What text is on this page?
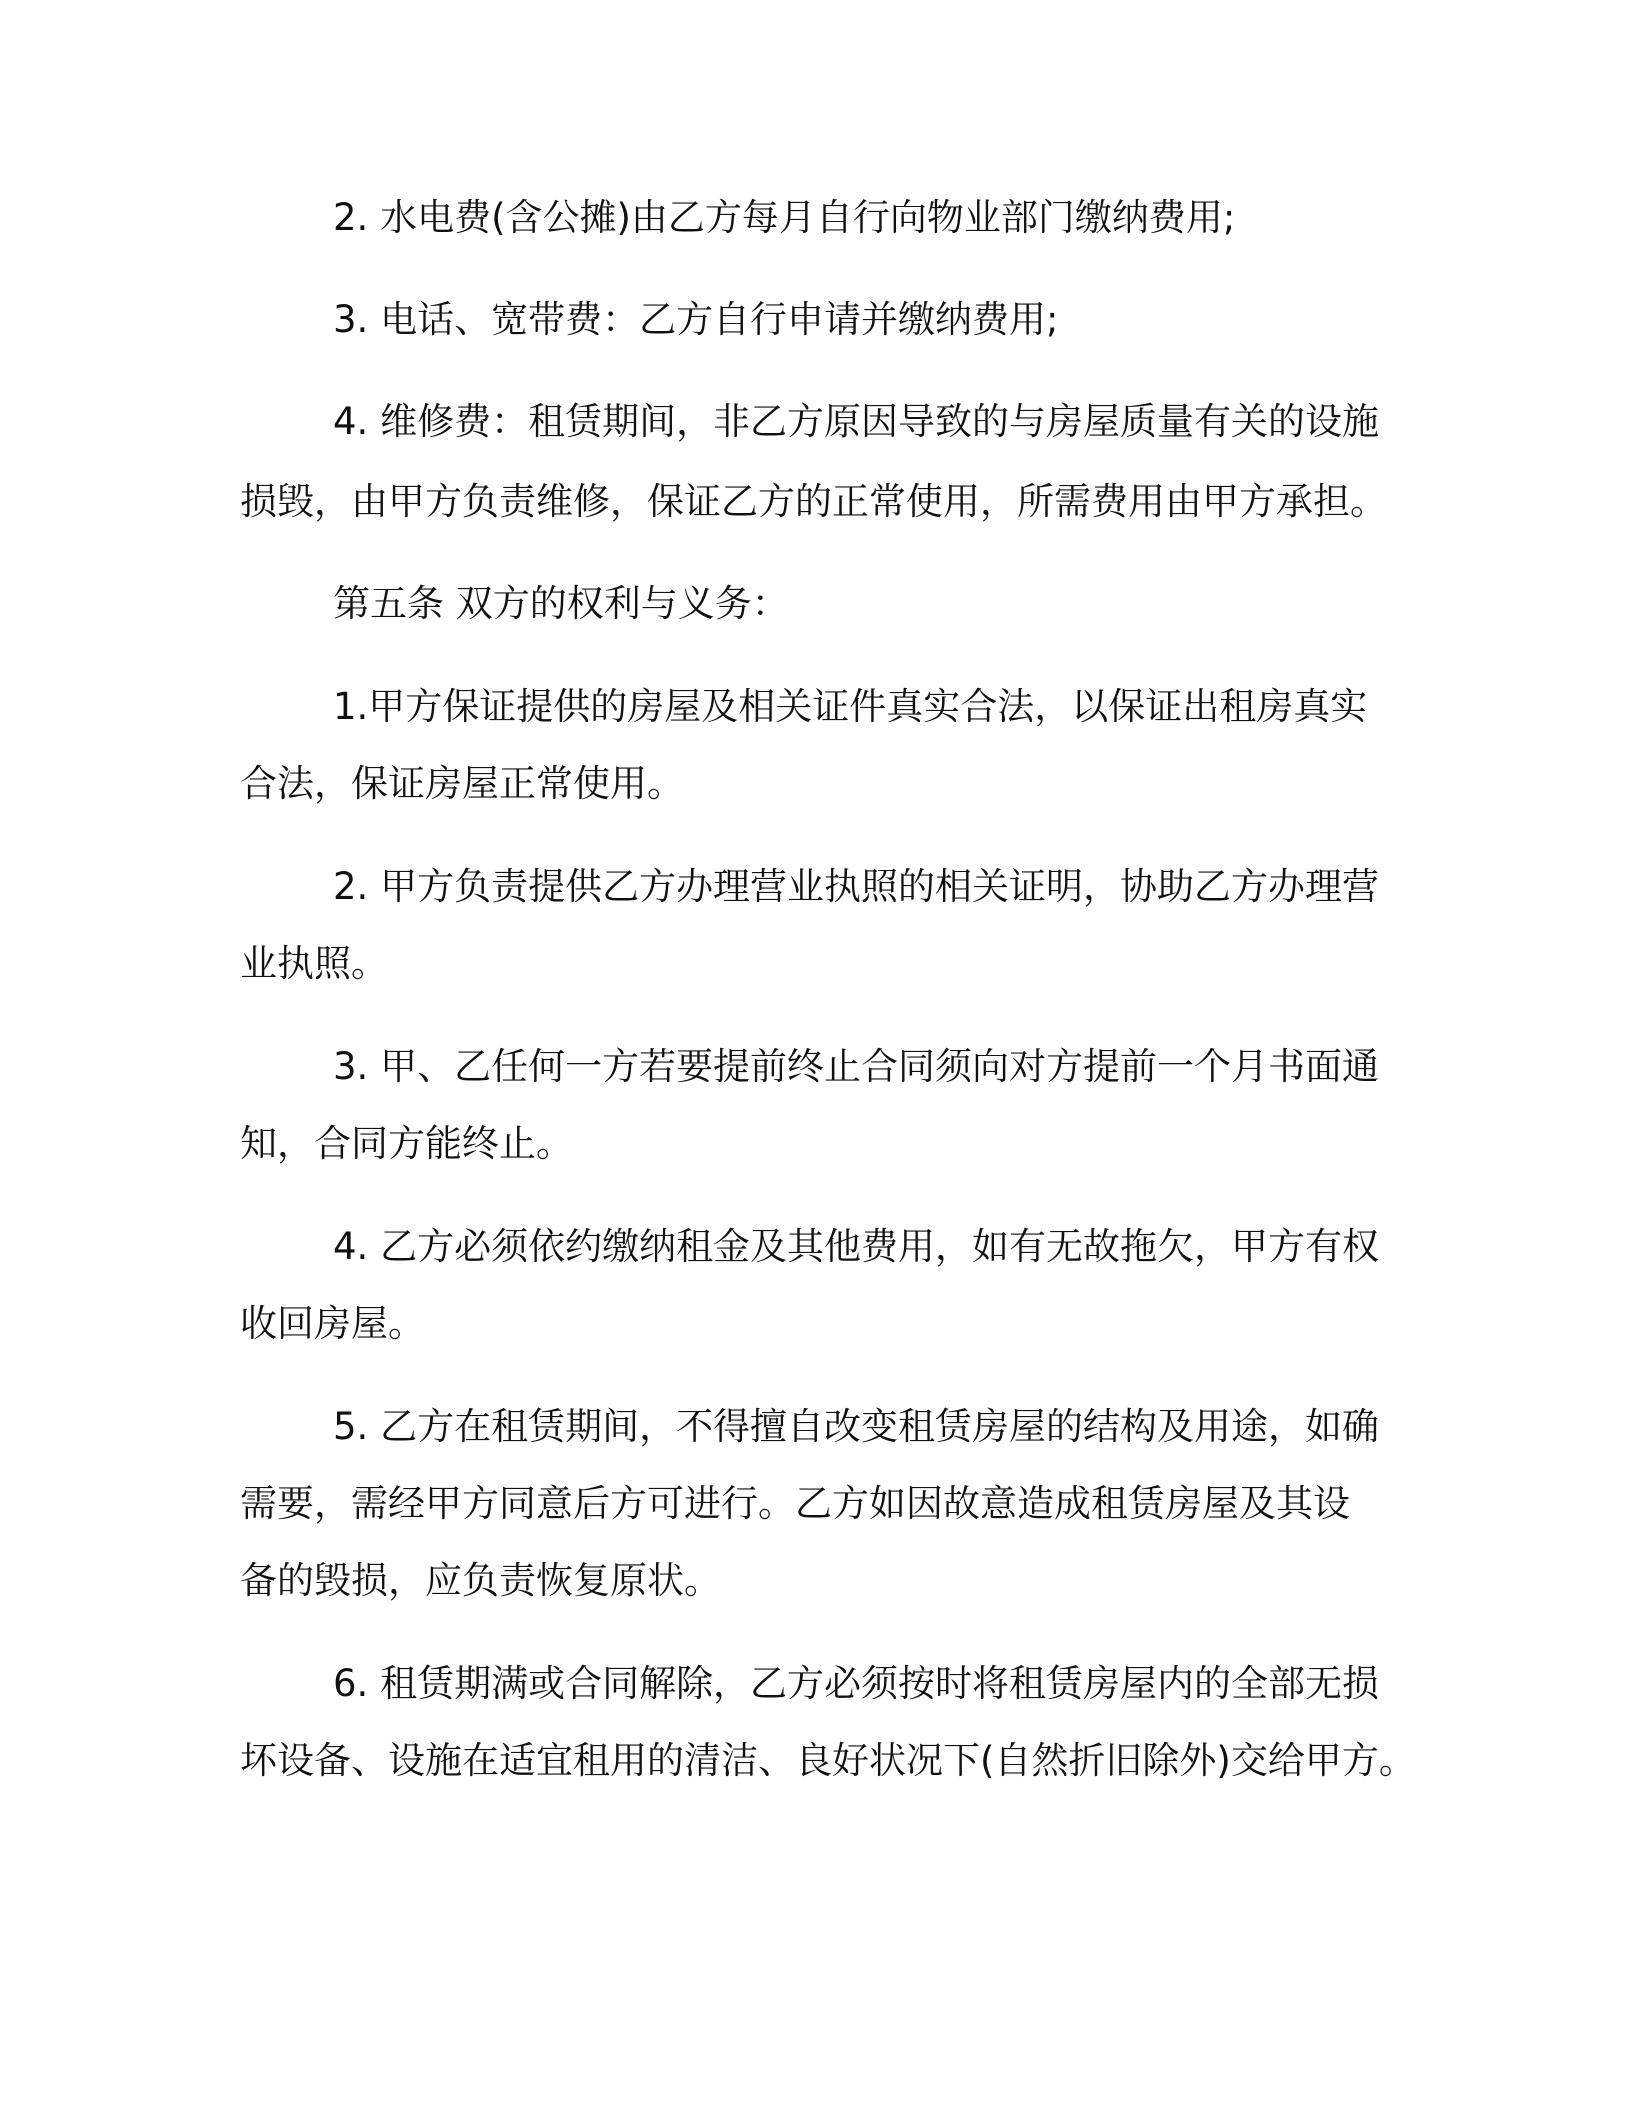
2. 水电费(含公摊)由乙方每月自行向物业部门缴纳费用;
3. 电话、宽带费：乙方自行申请并缴纳费用;
4. 维修费：租赁期间，非乙方原因导致的与房屋质量有关的设施
损毁，由甲方负责维修，保证乙方的正常使用，所需费用由甲方承担。
第五条 双方的权利与义务：
1.甲方保证提供的房屋及相关证件真实合法，以保证出租房真实
合法，保证房屋正常使用。
2. 甲方负责提供乙方办理营业执照的相关证明，协助乙方办理营
业执照。
3. 甲、乙任何一方若要提前终止合同须向对方提前一个月书面通
知，合同方能终止。
4. 乙方必须依约缴纳租金及其他费用，如有无故拖欠，甲方有权
收回房屋。
5. 乙方在租赁期间，不得擅自改变租赁房屋的结构及用途，如确
需要，需经甲方同意后方可进行。乙方如因故意造成租赁房屋及其设
备的毁损，应负责恢复原状。
6. 租赁期满或合同解除，乙方必须按时将租赁房屋内的全部无损
坏设备、设施在适宜租用的清洁、良好状况下(自然折旧除外)交给甲方。
